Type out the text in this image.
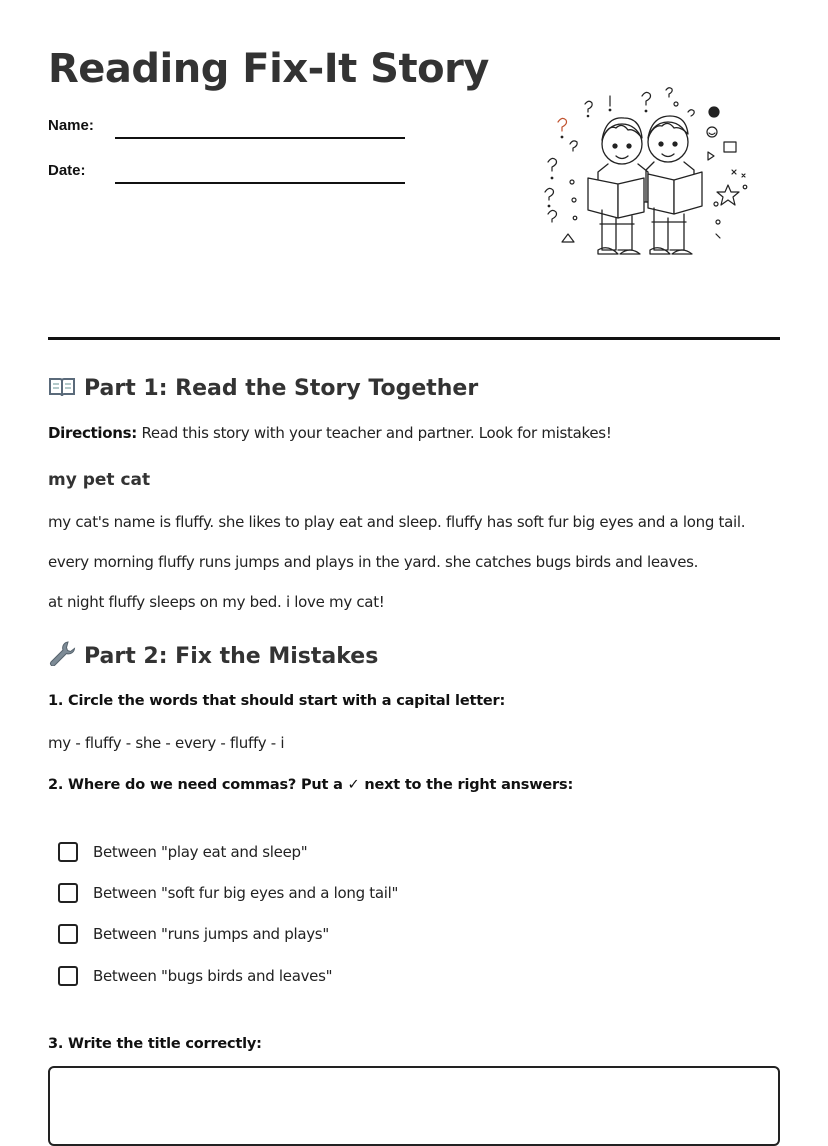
Reading Fix-It Story
Name:
Date:
Part 1: Read the Story Together
Directions: Read this story with your teacher and partner. Look for mistakes!
my pet cat
my cat's name is fluffy. she likes to play eat and sleep. fluffy has soft fur big eyes and a long tail.
every morning fluffy runs jumps and plays in the yard. she catches bugs birds and leaves.
at night fluffy sleeps on my bed. i love my cat!
Part 2: Fix the Mistakes
1. Circle the words that should start with a capital letter:
my - fluffy - she - every - fluffy - i
2. Where do we need commas? Put a ✓ next to the right answers:
Between "play eat and sleep"
Between "soft fur big eyes and a long tail"
Between "runs jumps and plays"
Between "bugs birds and leaves"
3. Write the title correctly:
